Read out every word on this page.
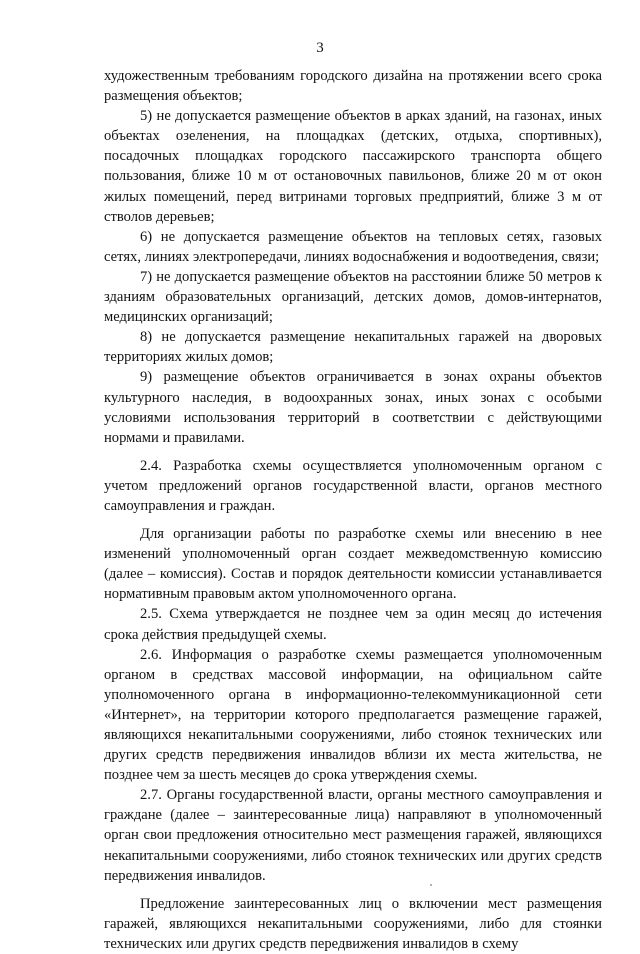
3

художественным требованиям городского дизайна на протяжении всего срока размещения объектов;

5) не допускается размещение объектов в арках зданий, на газонах, иных объектах озеленения, на площадках (детских, отдыха, спортивных), посадочных площадках городского пассажирского транспорта общего пользования, ближе 10 м от остановочных павильонов, ближе 20 м от окон жилых помещений, перед витринами торговых предприятий, ближе 3 м от стволов деревьев;

6) не допускается размещение объектов на тепловых сетях, газовых сетях, линиях электропередачи, линиях водоснабжения и водоотведения, связи;

7) не допускается размещение объектов на расстоянии ближе 50 метров к зданиям образовательных организаций, детских домов, домов-интернатов, медицинских организаций;

8) не допускается размещение некапитальных гаражей на дворовых территориях жилых домов;

9) размещение объектов ограничивается в зонах охраны объектов культурного наследия, в водоохранных зонах, иных зонах с особыми условиями использования территорий в соответствии с действующими нормами и правилами.

2.4. Разработка схемы осуществляется уполномоченным органом с учетом предложений органов государственной власти, органов местного самоуправления и граждан.

Для организации работы по разработке схемы или внесению в нее изменений уполномоченный орган создает межведомственную комиссию (далее – комиссия). Состав и порядок деятельности комиссии устанавливается нормативным правовым актом уполномоченного органа.

2.5. Схема утверждается не позднее чем за один месяц до истечения срока действия предыдущей схемы.

2.6. Информация о разработке схемы размещается уполномоченным органом в средствах массовой информации, на официальном сайте уполномоченного органа в информационно-телекоммуникационной сети «Интернет», на территории которого предполагается размещение гаражей, являющихся некапитальными сооружениями, либо стоянок технических или других средств передвижения инвалидов вблизи их места жительства, не позднее чем за шесть месяцев до срока утверждения схемы.

2.7. Органы государственной власти, органы местного самоуправления и граждане (далее – заинтересованные лица) направляют в уполномоченный орган свои предложения относительно мест размещения гаражей, являющихся некапитальными сооружениями, либо стоянок технических или других средств передвижения инвалидов.

Предложение заинтересованных лиц о включении мест размещения гаражей, являющихся некапитальными сооружениями, либо для стоянки технических или других средств передвижения инвалидов в схему
